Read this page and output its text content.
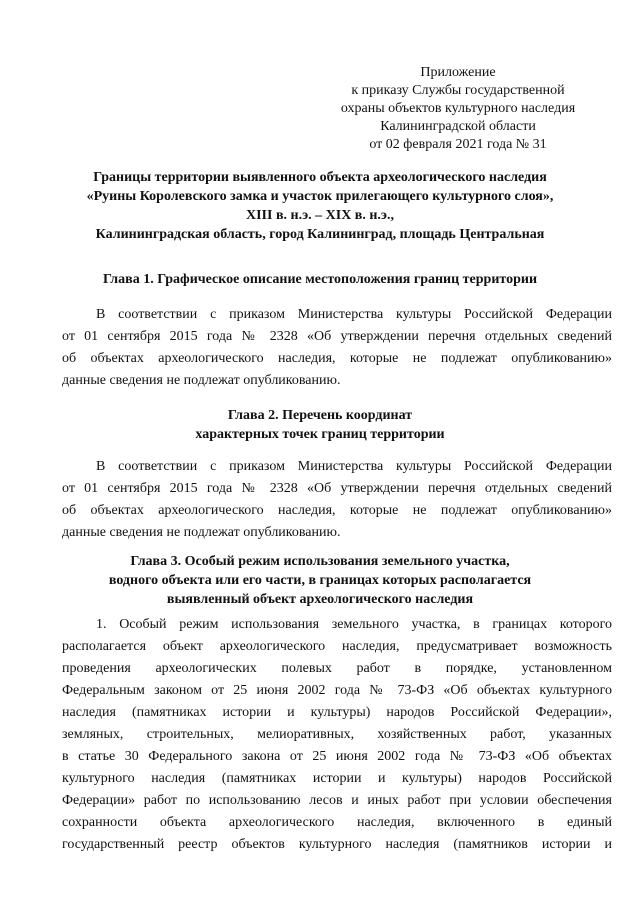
Приложение
к приказу Службы государственной
охраны объектов культурного наследия
Калининградской области
от 02 февраля 2021 года № 31
Границы территории выявленного объекта археологического наследия
«Руины Королевского замка и участок прилегающего культурного слоя»,
XIII в. н.э. – XIX в. н.э.,
Калининградская область, город Калининград, площадь Центральная
Глава 1. Графическое описание местоположения границ территории
В соответствии с приказом Министерства культуры Российской Федерации
от 01 сентября 2015 года № 2328 «Об утверждении перечня отдельных сведений
об объектах археологического наследия, которые не подлежат опубликованию»
данные сведения не подлежат опубликованию.
Глава 2. Перечень координат
характерных точек границ территории
В соответствии с приказом Министерства культуры Российской Федерации
от 01 сентября 2015 года № 2328 «Об утверждении перечня отдельных сведений
об объектах археологического наследия, которые не подлежат опубликованию»
данные сведения не подлежат опубликованию.
Глава 3. Особый режим использования земельного участка,
водного объекта или его части, в границах которых располагается
выявленный объект археологического наследия
1. Особый режим использования земельного участка, в границах которого
располагается объект археологического наследия, предусматривает возможность
проведения археологических полевых работ в порядке, установленном
Федеральным законом от 25 июня 2002 года № 73-ФЗ «Об объектах культурного
наследия (памятниках истории и культуры) народов Российской Федерации»,
земляных, строительных, мелиоративных, хозяйственных работ, указанных
в статье 30 Федерального закона от 25 июня 2002 года № 73-ФЗ «Об объектах
культурного наследия (памятниках истории и культуры) народов Российской
Федерации» работ по использованию лесов и иных работ при условии обеспечения
сохранности объекта археологического наследия, включенного в единый
государственный реестр объектов культурного наследия (памятников истории и
